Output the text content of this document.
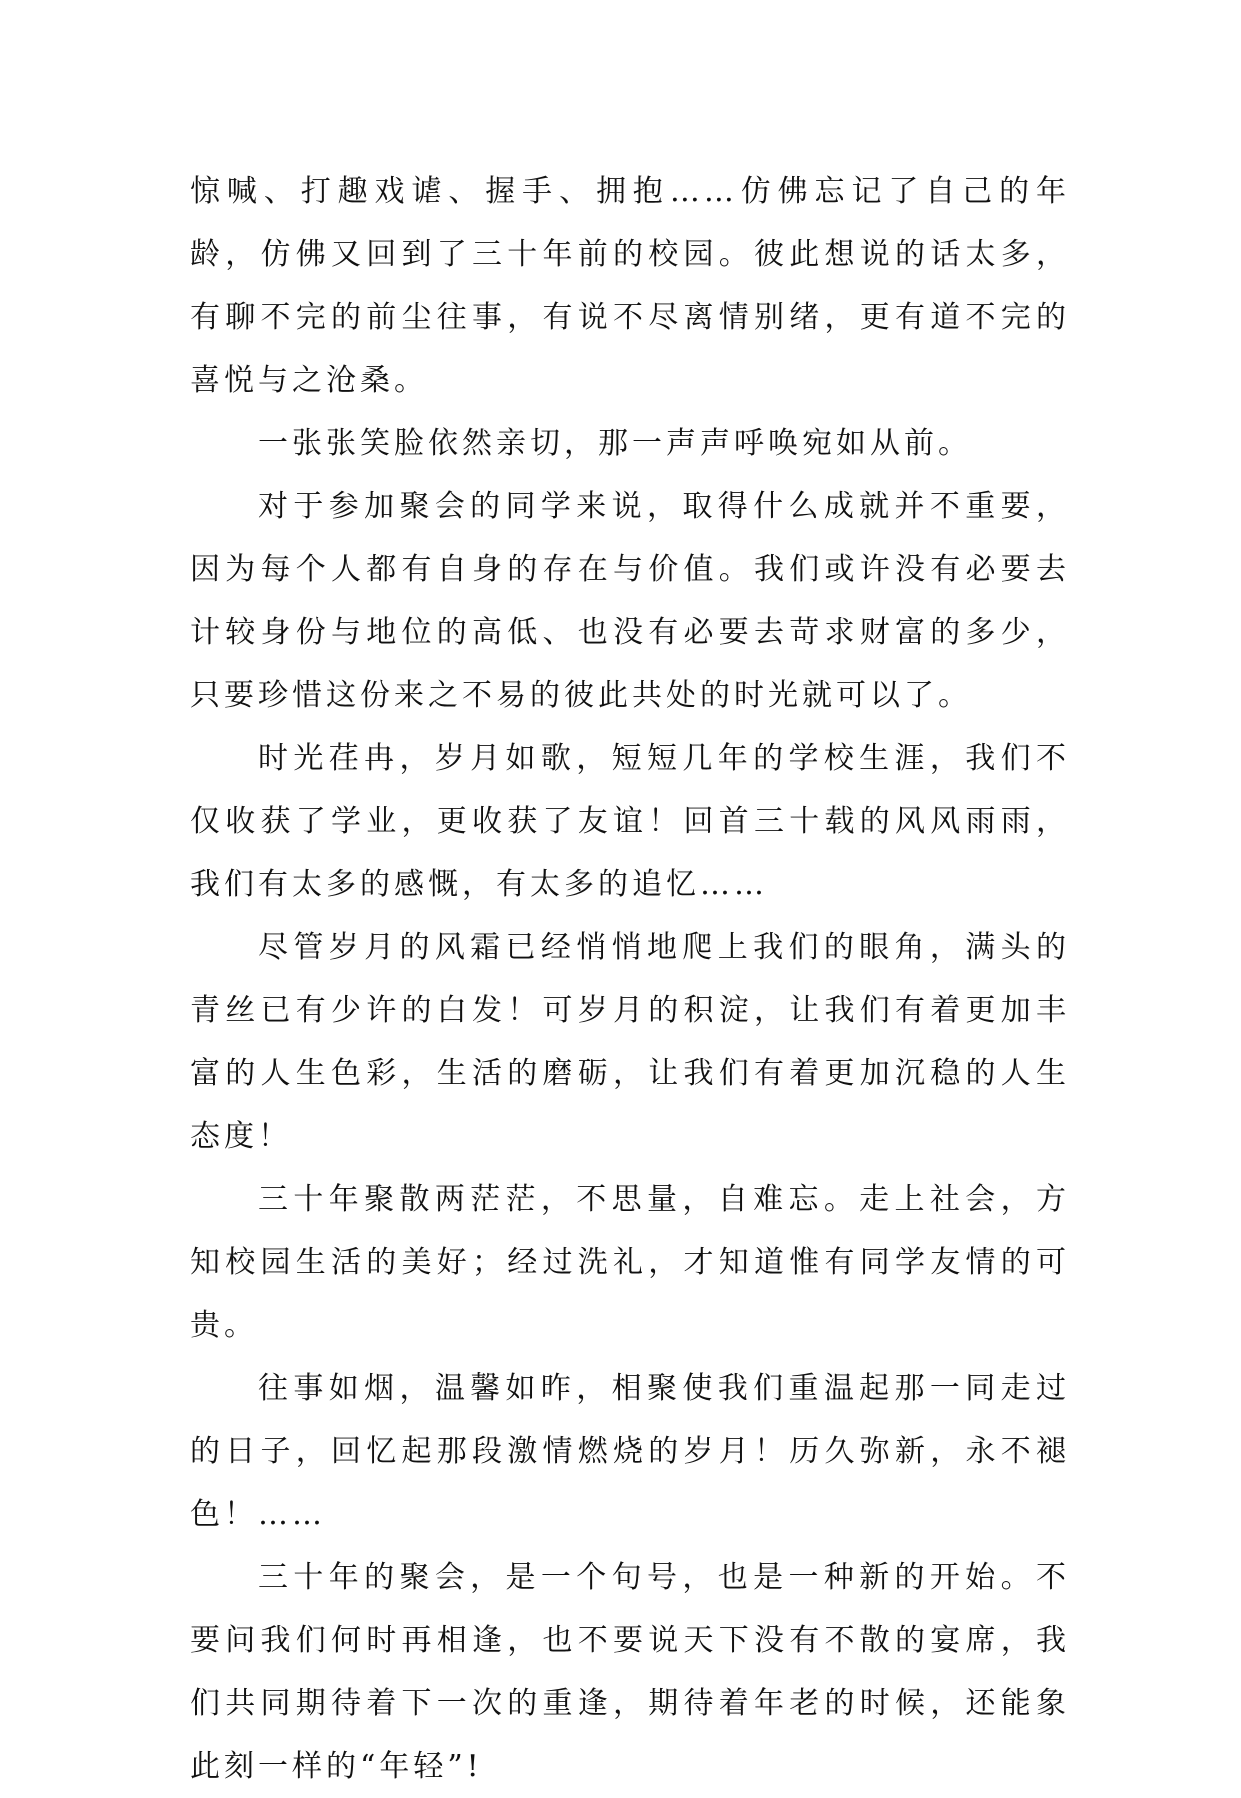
惊喊、打趣戏谑、握手、拥抱……仿佛忘记了自己的年龄，仿佛又回到了三十年前的校园。彼此想说的话太多，有聊不完的前尘往事，有说不尽离情别绪，更有道不完的喜悦与之沧桑。

一张张笑脸依然亲切，那一声声呼唤宛如从前。

对于参加聚会的同学来说，取得什么成就并不重要，因为每个人都有自身的存在与价值。我们或许没有必要去计较身份与地位的高低、也没有必要去苛求财富的多少，只要珍惜这份来之不易的彼此共处的时光就可以了。

时光荏冉，岁月如歌，短短几年的学校生涯，我们不仅收获了学业，更收获了友谊！回首三十载的风风雨雨，我们有太多的感慨，有太多的追忆……

尽管岁月的风霜已经悄悄地爬上我们的眼角，满头的青丝已有少许的白发！可岁月的积淀，让我们有着更加丰富的人生色彩，生活的磨砺，让我们有着更加沉稳的人生态度！

三十年聚散两茫茫，不思量，自难忘。走上社会，方知校园生活的美好；经过洗礼，才知道惟有同学友情的可贵。

往事如烟，温馨如昨，相聚使我们重温起那一同走过的日子，回忆起那段激情燃烧的岁月！历久弥新，永不褪色！……

三十年的聚会，是一个句号，也是一种新的开始。不要问我们何时再相逢，也不要说天下没有不散的宴席，我们共同期待着下一次的重逢，期待着年老的时候，还能象此刻一样的“年轻”!
